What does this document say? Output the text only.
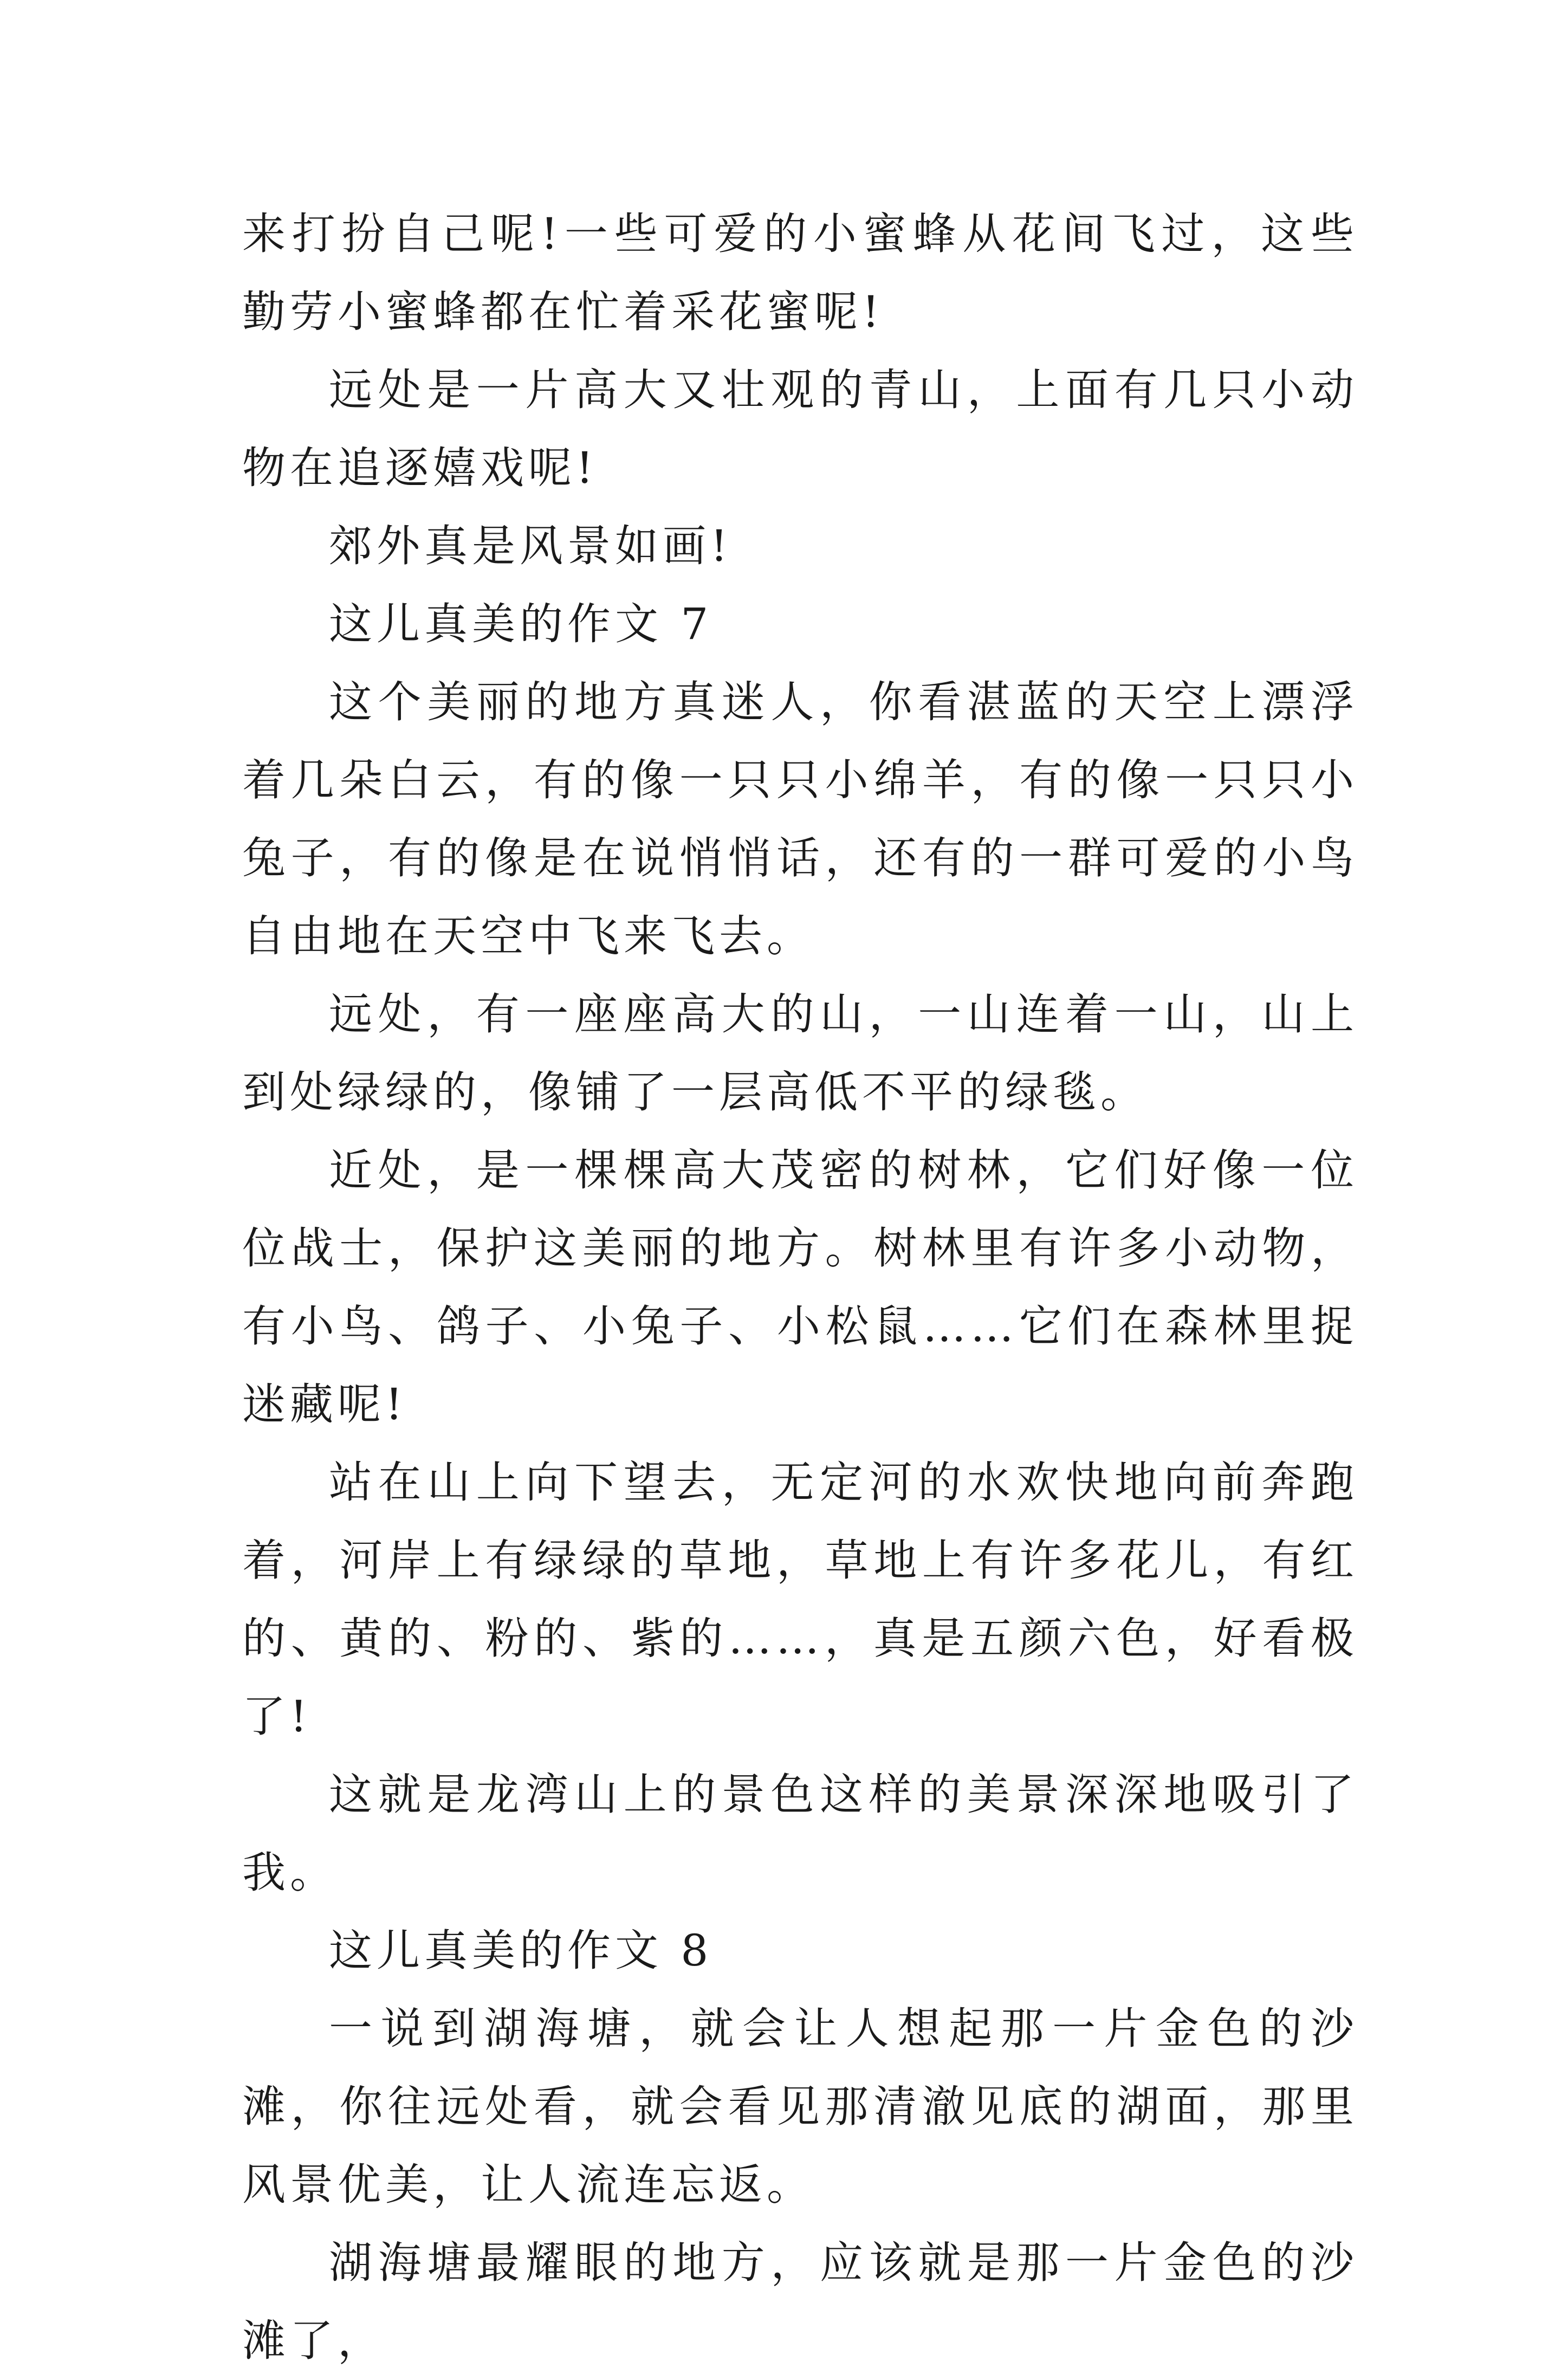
来打扮自己呢!一些可爱的小蜜蜂从花间飞过，这些勤劳小蜜蜂都在忙着采花蜜呢!

远处是一片高大又壮观的青山，上面有几只小动物在追逐嬉戏呢!

郊外真是风景如画!

这儿真美的作文 7

这个美丽的地方真迷人，你看湛蓝的天空上漂浮着几朵白云，有的像一只只小绵羊，有的像一只只小兔子，有的像是在说悄悄话，还有的一群可爱的小鸟自由地在天空中飞来飞去。

远处，有一座座高大的山，一山连着一山，山上到处绿绿的，像铺了一层高低不平的绿毯。

近处，是一棵棵高大茂密的树林，它们好像一位位战士，保护这美丽的地方。树林里有许多小动物，有小鸟、鸽子、小兔子、小松鼠……它们在森林里捉迷藏呢!

站在山上向下望去，无定河的水欢快地向前奔跑着，河岸上有绿绿的草地，草地上有许多花儿，有红的、黄的、粉的、紫的……，真是五颜六色，好看极了!

这就是龙湾山上的景色这样的美景深深地吸引了我。

这儿真美的作文 8

一说到湖海塘，就会让人想起那一片金色的沙滩，你往远处看，就会看见那清澈见底的湖面，那里风景优美，让人流连忘返。

湖海塘最耀眼的地方，应该就是那一片金色的沙滩了，
